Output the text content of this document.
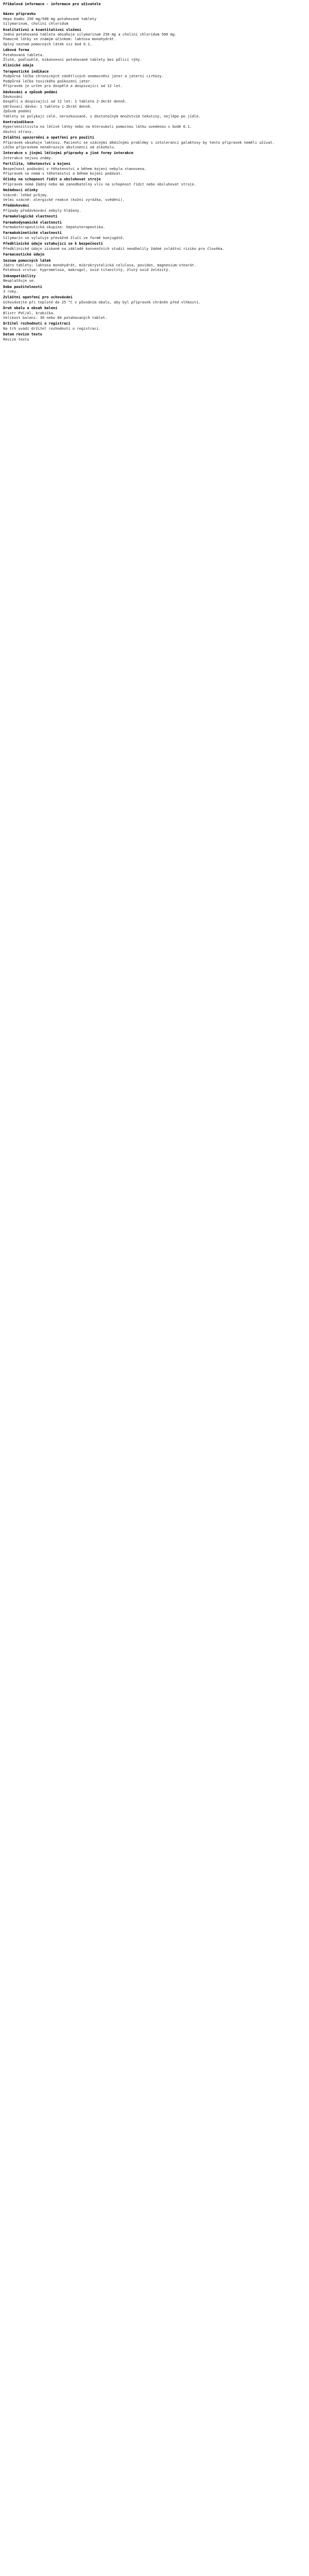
Přibalová informace - informace pro uživatele
Název přípravku
Hepa Kombi 250 mg/500 mg potahované tablety
Silymarinum, cholini chloridum
Kvalitativní a kvantitativní složení
Jedna potahovaná tableta obsahuje silymarinum 250 mg a cholini chloridum 500 mg.
Pomocné látky se známým účinkem: laktosa monohydrát.
Úplný seznam pomocných látek viz bod 6.1.
Léková forma
Potahovaná tableta.
Žluté, podlouhlé, bikonvexní potahované tablety bez půlicí rýhy.
Klinické údaje
Terapeutické indikace
Podpůrná léčba chronických zánětlivých onemocnění jater a jaterní cirhózy.
Podpůrná léčba toxického poškození jater.
Přípravek je určen pro dospělé a dospívající od 12 let.
Dávkování a způsob podání
Dávkování
Dospělí a dospívající od 12 let: 1 tableta 2-3krát denně.
Udržovací dávka: 1 tableta 1-2krát denně.
Způsob podání
Tablety se polykají celé, nerozkousané, s dostatečným množstvím tekutiny, nejlépe po jídle.
Kontraindikace
Hypersenzitivita na léčivé látky nebo na kteroukoli pomocnou látku uvedenou v bodě 6.1.
Akutní otravy.
Zvláštní upozornění a opatření pro použití
Přípravek obsahuje laktosu. Pacienti se vzácnými dědičnými problémy s intolerancí galaktosy by tento přípravek neměli užívat.
Léčba přípravkem nenahrazuje abstinenci od alkoholu.
Interakce s jinými léčivými přípravky a jiné formy interakce
Interakce nejsou známy.
Fertilita, těhotenství a kojení
Bezpečnost podávání v těhotenství a během kojení nebyla stanovena.
Přípravek se nemá v těhotenství a během kojení podávat.
Účinky na schopnost řídit a obsluhovat stroje
Přípravek nemá žádný nebo má zanedbatelný vliv na schopnost řídit nebo obsluhovat stroje.
Nežádoucí účinky
Vzácně: lehké průjmy.
Velmi vzácně: alergické reakce (kožní vyrážka, svědění).
Předávkování
Případy předávkování nebyly hlášeny.
Farmakologické vlastnosti
Farmakodynamické vlastnosti
Farmakoterapeutická skupina: hepatoterapeutika.
Farmakokinetické vlastnosti
Silymarin se vylučuje převážně žlučí ve formě konjugátů.
Předklinické údaje vztahující se k bezpečnosti
Předklinické údaje získané na základě konvenčních studií neodhalily žádné zvláštní riziko pro člověka.
Farmaceutické údaje
Seznam pomocných látek
Jádro tablety: laktosa monohydrát, mikrokrystalická celulosa, povidon, magnesium-stearát.
Potahová vrstva: hypromelosa, makrogol, oxid titaničitý, žlutý oxid železitý.
Inkompatibility
Neuplatňuje se.
Doba použitelnosti
3 roky.
Zvláštní opatření pro uchovávání
Uchovávejte při teplotě do 25 °C v původním obalu, aby byl přípravek chráněn před vlhkostí.
Druh obalu a obsah balení
Blistr PVC/Al, krabička.
Velikost balení: 30 nebo 60 potahovaných tablet.
Držitel rozhodnutí o registraci
Na trh uvádí držitel rozhodnutí o registraci.
Datum revize textu
Revize textu
